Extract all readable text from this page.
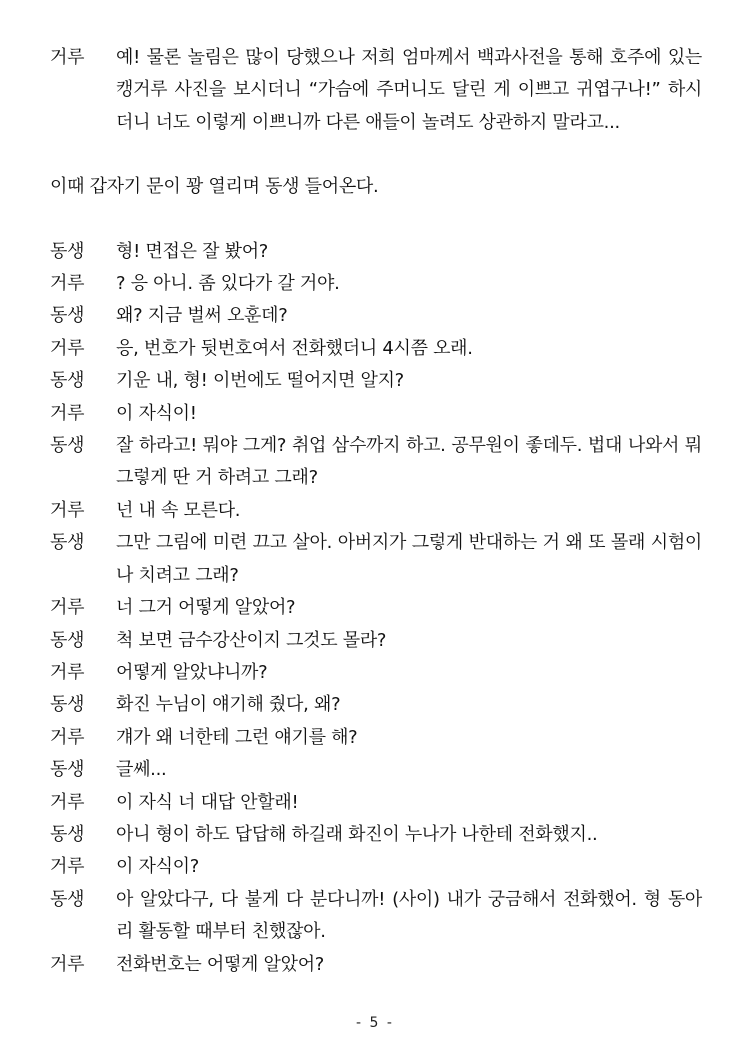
거루	예! 물론 놀림은 많이 당했으나 저희 엄마께서 백과사전을 통해 호주에 있는 캥거루 사진을 보시더니 “가슴에 주머니도 달린 게 이쁘고 귀엽구나!” 하시더니 너도 이렇게 이쁘니까 다른 애들이 놀려도 상관하지 말라고...
이때 갑자기 문이 꽝 열리며 동생 들어온다.
동생	형! 면접은 잘 봤어?
거루	? 응 아니. 좀 있다가 갈 거야.
동생	왜? 지금 벌써 오훈데?
거루	응, 번호가 뒷번호여서 전화했더니 4시쯤 오래.
동생	기운 내, 형! 이번에도 떨어지면 알지?
거루	이 자식이!
동생	잘 하라고! 뭐야 그게? 취업 삼수까지 하고. 공무원이 좋데두. 법대 나와서 뭐 그렇게 딴 거 하려고 그래?
거루	넌 내 속 모른다.
동생	그만 그림에 미련 끄고 살아. 아버지가 그렇게 반대하는 거 왜 또 몰래 시험이나 치려고 그래?
거루	너 그거 어떻게 알았어?
동생	척 보면 금수강산이지 그것도 몰라?
거루	어떻게 알았냐니까?
동생	화진 누님이 얘기해 줬다, 왜?
거루	걔가 왜 너한테 그런 얘기를 해?
동생	글쎄...
거루	이 자식 너 대답 안할래!
동생	아니 형이 하도 답답해 하길래 화진이 누나가 나한테 전화했지..
거루	이 자식이?
동생	아 알았다구, 다 불게 다 분다니까! (사이) 내가 궁금해서 전화했어. 형 동아리 활동할 때부터 친했잖아.
거루	전화번호는 어떻게 알았어?
- 5 -
